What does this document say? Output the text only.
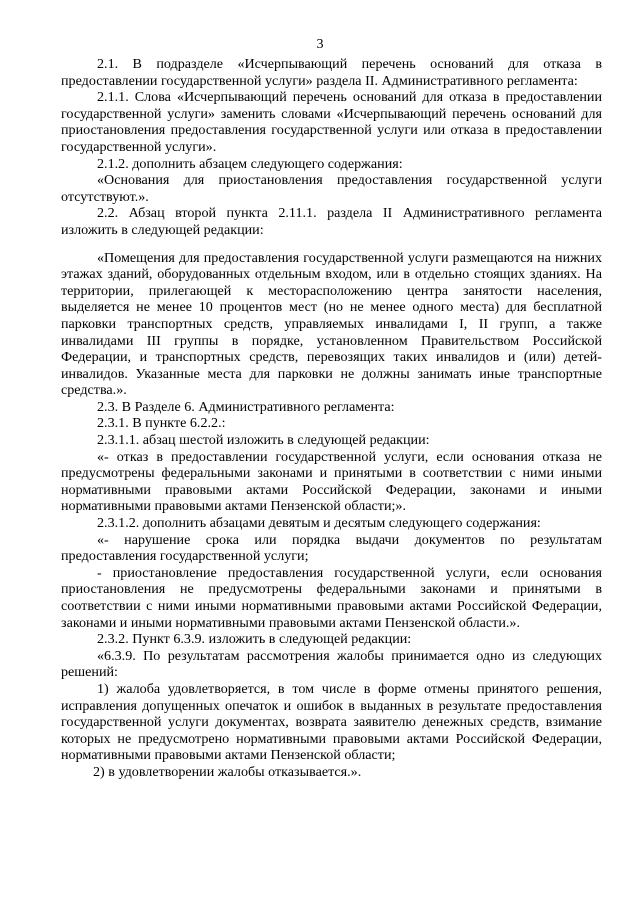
3

2.1. В подразделе «Исчерпывающий перечень оснований для отказа в предоставлении государственной услуги» раздела II. Административного регламента:

2.1.1. Слова «Исчерпывающий перечень оснований для отказа в предоставлении государственной услуги» заменить словами «Исчерпывающий перечень оснований для приостановления предоставления государственной услуги или отказа в предоставлении государственной услуги».

2.1.2. дополнить абзацем следующего содержания:

«Основания для приостановления предоставления государственной услуги отсутствуют.».

2.2. Абзац второй пункта 2.11.1. раздела II Административного регламента изложить в следующей редакции:

«Помещения для предоставления государственной услуги размещаются на нижних этажах зданий, оборудованных отдельным входом, или в отдельно стоящих зданиях. На территории, прилегающей к месторасположению центра занятости населения, выделяется не менее 10 процентов мест (но не менее одного места) для бесплатной парковки транспортных средств, управляемых инвалидами I, II групп, а также инвалидами III группы в порядке, установленном Правительством Российской Федерации, и транспортных средств, перевозящих таких инвалидов и (или) детей-инвалидов. Указанные места для парковки не должны занимать иные транспортные средства.».

2.3. В Разделе 6. Административного регламента:

2.3.1. В пункте 6.2.2.:

2.3.1.1. абзац шестой изложить в следующей редакции:

«- отказ в предоставлении государственной услуги, если основания отказа не предусмотрены федеральными законами и принятыми в соответствии с ними иными нормативными правовыми актами Российской Федерации, законами и иными нормативными правовыми актами Пензенской области;».

2.3.1.2. дополнить абзацами девятым и десятым следующего содержания:

«- нарушение срока или порядка выдачи документов по результатам предоставления государственной услуги;

- приостановление предоставления государственной услуги, если основания приостановления не предусмотрены федеральными законами и принятыми в соответствии с ними иными нормативными правовыми актами Российской Федерации, законами и иными нормативными правовыми актами Пензенской области.».

2.3.2. Пункт 6.3.9. изложить в следующей редакции:

«6.3.9. По результатам рассмотрения жалобы принимается одно из следующих решений:

1) жалоба удовлетворяется, в том числе в форме отмены принятого решения, исправления допущенных опечаток и ошибок в выданных в результате предоставления государственной услуги документах, возврата заявителю денежных средств, взимание которых не предусмотрено нормативными правовыми актами Российской Федерации, нормативными правовыми актами Пензенской области;

2) в удовлетворении жалобы отказывается.».
